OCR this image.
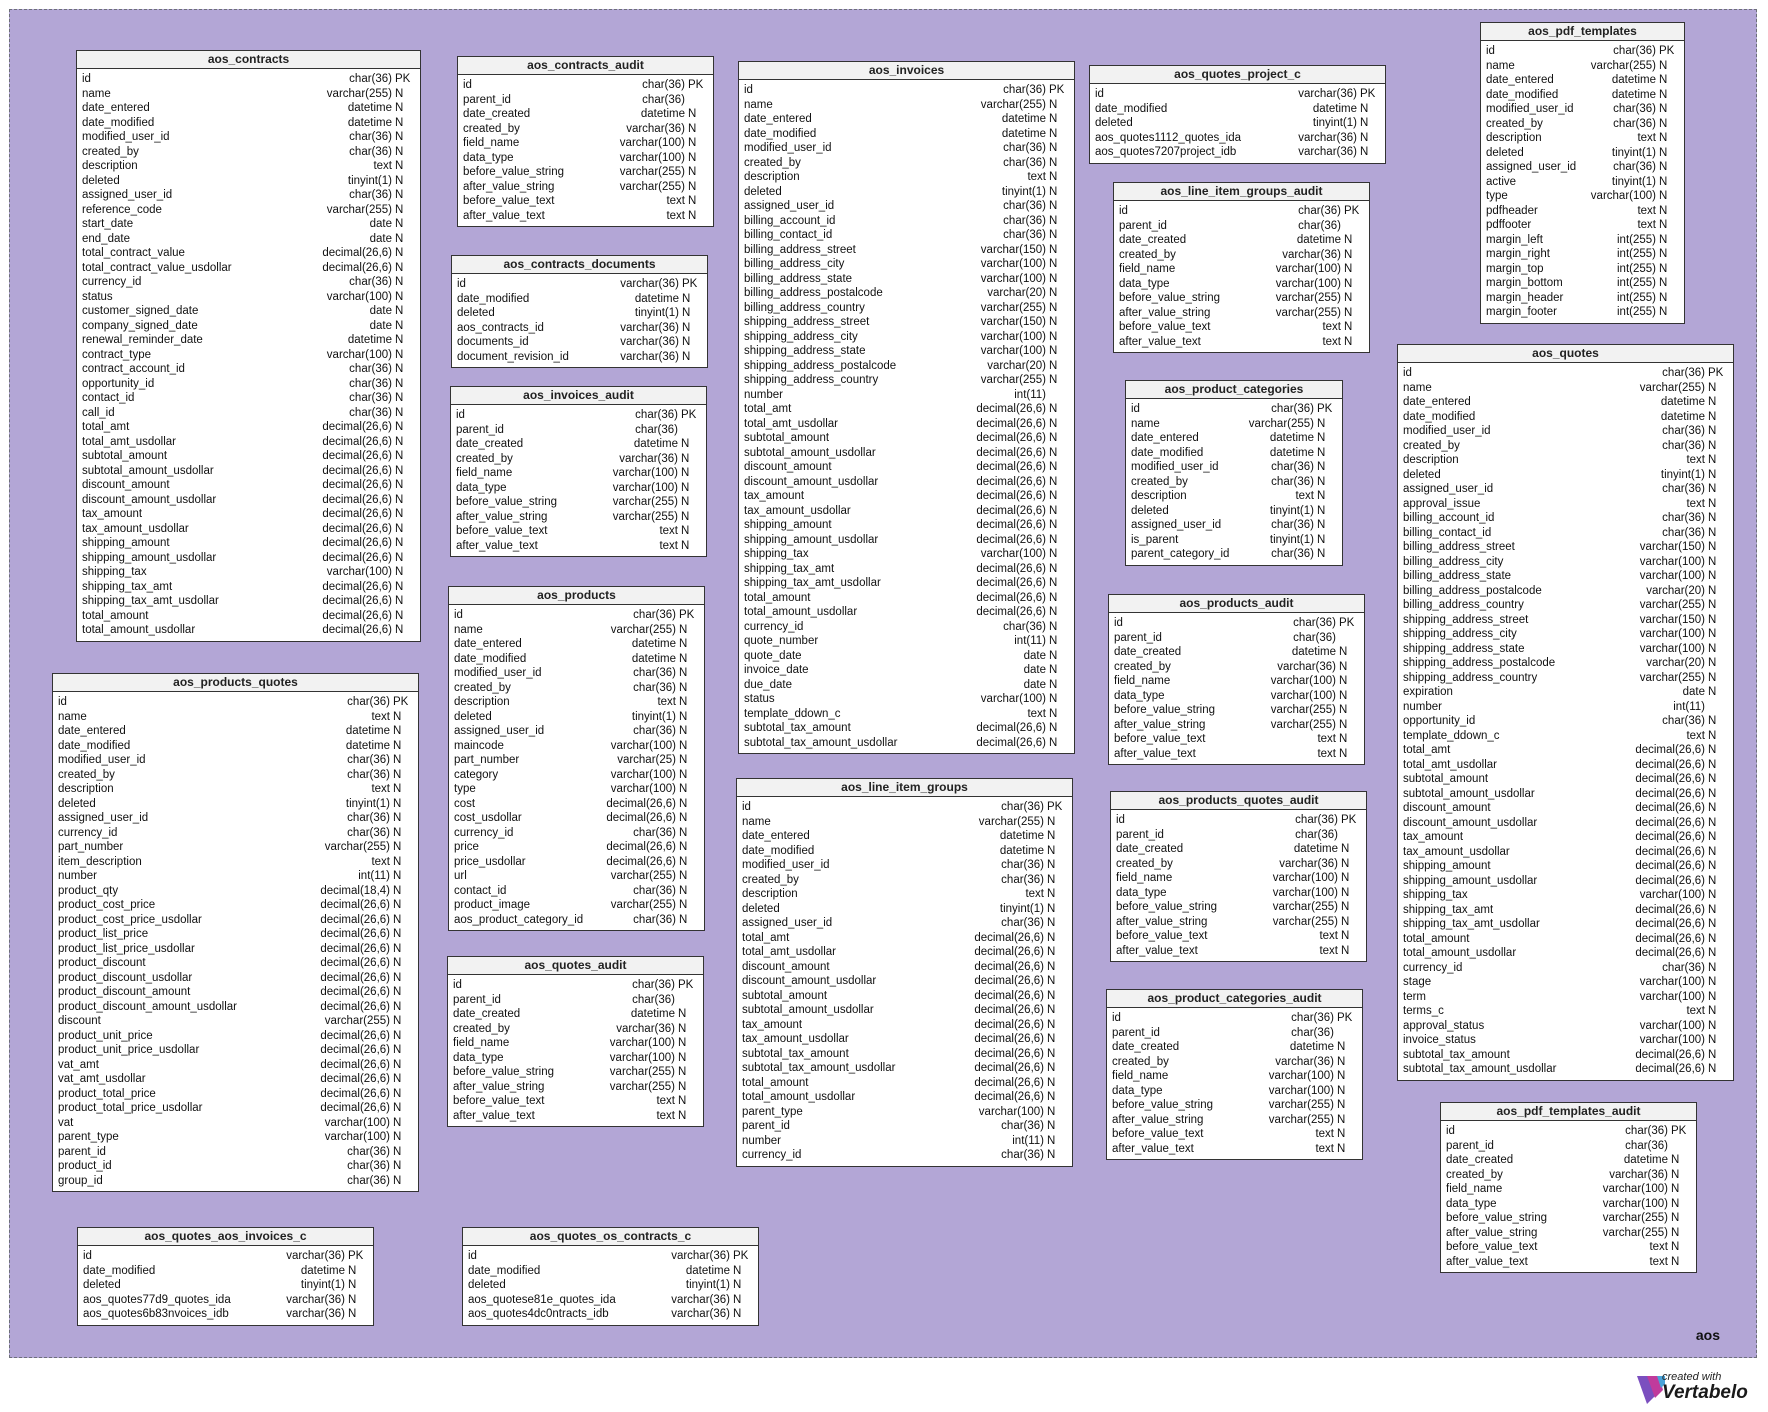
aos
aos_contracts
id	char(36) PK
name	varchar(255) N
date_entered	datetime N
date_modified	datetime N
modified_user_id	char(36) N
created_by	char(36) N
description	text N
deleted	tinyint(1) N
assigned_user_id	char(36) N
reference_code	varchar(255) N
start_date	date N
end_date	date N
total_contract_value	decimal(26,6) N
total_contract_value_usdollar	decimal(26,6) N
currency_id	char(36) N
status	varchar(100) N
customer_signed_date	date N
company_signed_date	date N
renewal_reminder_date	datetime N
contract_type	varchar(100) N
contract_account_id	char(36) N
opportunity_id	char(36) N
contact_id	char(36) N
call_id	char(36) N
total_amt	decimal(26,6) N
total_amt_usdollar	decimal(26,6) N
subtotal_amount	decimal(26,6) N
subtotal_amount_usdollar	decimal(26,6) N
discount_amount	decimal(26,6) N
discount_amount_usdollar	decimal(26,6) N
tax_amount	decimal(26,6) N
tax_amount_usdollar	decimal(26,6) N
shipping_amount	decimal(26,6) N
shipping_amount_usdollar	decimal(26,6) N
shipping_tax	varchar(100) N
shipping_tax_amt	decimal(26,6) N
shipping_tax_amt_usdollar	decimal(26,6) N
total_amount	decimal(26,6) N
total_amount_usdollar	decimal(26,6) N
aos_products_quotes
id	char(36) PK
name	text N
date_entered	datetime N
date_modified	datetime N
modified_user_id	char(36) N
created_by	char(36) N
description	text N
deleted	tinyint(1) N
assigned_user_id	char(36) N
currency_id	char(36) N
part_number	varchar(255) N
item_description	text N
number	int(11) N
product_qty	decimal(18,4) N
product_cost_price	decimal(26,6) N
product_cost_price_usdollar	decimal(26,6) N
product_list_price	decimal(26,6) N
product_list_price_usdollar	decimal(26,6) N
product_discount	decimal(26,6) N
product_discount_usdollar	decimal(26,6) N
product_discount_amount	decimal(26,6) N
product_discount_amount_usdollar	decimal(26,6) N
discount	varchar(255) N
product_unit_price	decimal(26,6) N
product_unit_price_usdollar	decimal(26,6) N
vat_amt	decimal(26,6) N
vat_amt_usdollar	decimal(26,6) N
product_total_price	decimal(26,6) N
product_total_price_usdollar	decimal(26,6) N
vat	varchar(100) N
parent_type	varchar(100) N
parent_id	char(36) N
product_id	char(36) N
group_id	char(36) N
aos_quotes_aos_invoices_c
id	varchar(36) PK
date_modified	datetime N
deleted	tinyint(1) N
aos_quotes77d9_quotes_ida	varchar(36) N
aos_quotes6b83nvoices_idb	varchar(36) N
aos_contracts_audit
id	char(36) PK
parent_id	char(36)
date_created	datetime N
created_by	varchar(36) N
field_name	varchar(100) N
data_type	varchar(100) N
before_value_string	varchar(255) N
after_value_string	varchar(255) N
before_value_text	text N
after_value_text	text N
aos_contracts_documents
id	varchar(36) PK
date_modified	datetime N
deleted	tinyint(1) N
aos_contracts_id	varchar(36) N
documents_id	varchar(36) N
document_revision_id	varchar(36) N
aos_invoices_audit
id	char(36) PK
parent_id	char(36)
date_created	datetime N
created_by	varchar(36) N
field_name	varchar(100) N
data_type	varchar(100) N
before_value_string	varchar(255) N
after_value_string	varchar(255) N
before_value_text	text N
after_value_text	text N
aos_products
id	char(36) PK
name	varchar(255) N
date_entered	datetime N
date_modified	datetime N
modified_user_id	char(36) N
created_by	char(36) N
description	text N
deleted	tinyint(1) N
assigned_user_id	char(36) N
maincode	varchar(100) N
part_number	varchar(25) N
category	varchar(100) N
type	varchar(100) N
cost	decimal(26,6) N
cost_usdollar	decimal(26,6) N
currency_id	char(36) N
price	decimal(26,6) N
price_usdollar	decimal(26,6) N
url	varchar(255) N
contact_id	char(36) N
product_image	varchar(255) N
aos_product_category_id	char(36) N
aos_quotes_audit
id	char(36) PK
parent_id	char(36)
date_created	datetime N
created_by	varchar(36) N
field_name	varchar(100) N
data_type	varchar(100) N
before_value_string	varchar(255) N
after_value_string	varchar(255) N
before_value_text	text N
after_value_text	text N
aos_quotes_os_contracts_c
id	varchar(36) PK
date_modified	datetime N
deleted	tinyint(1) N
aos_quotese81e_quotes_ida	varchar(36) N
aos_quotes4dc0ntracts_idb	varchar(36) N
aos_invoices
id	char(36) PK
name	varchar(255) N
date_entered	datetime N
date_modified	datetime N
modified_user_id	char(36) N
created_by	char(36) N
description	text N
deleted	tinyint(1) N
assigned_user_id	char(36) N
billing_account_id	char(36) N
billing_contact_id	char(36) N
billing_address_street	varchar(150) N
billing_address_city	varchar(100) N
billing_address_state	varchar(100) N
billing_address_postalcode	varchar(20) N
billing_address_country	varchar(255) N
shipping_address_street	varchar(150) N
shipping_address_city	varchar(100) N
shipping_address_state	varchar(100) N
shipping_address_postalcode	varchar(20) N
shipping_address_country	varchar(255) N
number	int(11)
total_amt	decimal(26,6) N
total_amt_usdollar	decimal(26,6) N
subtotal_amount	decimal(26,6) N
subtotal_amount_usdollar	decimal(26,6) N
discount_amount	decimal(26,6) N
discount_amount_usdollar	decimal(26,6) N
tax_amount	decimal(26,6) N
tax_amount_usdollar	decimal(26,6) N
shipping_amount	decimal(26,6) N
shipping_amount_usdollar	decimal(26,6) N
shipping_tax	varchar(100) N
shipping_tax_amt	decimal(26,6) N
shipping_tax_amt_usdollar	decimal(26,6) N
total_amount	decimal(26,6) N
total_amount_usdollar	decimal(26,6) N
currency_id	char(36) N
quote_number	int(11) N
quote_date	date N
invoice_date	date N
due_date	date N
status	varchar(100) N
template_ddown_c	text N
subtotal_tax_amount	decimal(26,6) N
subtotal_tax_amount_usdollar	decimal(26,6) N
aos_line_item_groups
id	char(36) PK
name	varchar(255) N
date_entered	datetime N
date_modified	datetime N
modified_user_id	char(36) N
created_by	char(36) N
description	text N
deleted	tinyint(1) N
assigned_user_id	char(36) N
total_amt	decimal(26,6) N
total_amt_usdollar	decimal(26,6) N
discount_amount	decimal(26,6) N
discount_amount_usdollar	decimal(26,6) N
subtotal_amount	decimal(26,6) N
subtotal_amount_usdollar	decimal(26,6) N
tax_amount	decimal(26,6) N
tax_amount_usdollar	decimal(26,6) N
subtotal_tax_amount	decimal(26,6) N
subtotal_tax_amount_usdollar	decimal(26,6) N
total_amount	decimal(26,6) N
total_amount_usdollar	decimal(26,6) N
parent_type	varchar(100) N
parent_id	char(36) N
number	int(11) N
currency_id	char(36) N
aos_quotes_project_c
id	varchar(36) PK
date_modified	datetime N
deleted	tinyint(1) N
aos_quotes1112_quotes_ida	varchar(36) N
aos_quotes7207project_idb	varchar(36) N
aos_line_item_groups_audit
id	char(36) PK
parent_id	char(36)
date_created	datetime N
created_by	varchar(36) N
field_name	varchar(100) N
data_type	varchar(100) N
before_value_string	varchar(255) N
after_value_string	varchar(255) N
before_value_text	text N
after_value_text	text N
aos_product_categories
id	char(36) PK
name	varchar(255) N
date_entered	datetime N
date_modified	datetime N
modified_user_id	char(36) N
created_by	char(36) N
description	text N
deleted	tinyint(1) N
assigned_user_id	char(36) N
is_parent	tinyint(1) N
parent_category_id	char(36) N
aos_products_audit
id	char(36) PK
parent_id	char(36)
date_created	datetime N
created_by	varchar(36) N
field_name	varchar(100) N
data_type	varchar(100) N
before_value_string	varchar(255) N
after_value_string	varchar(255) N
before_value_text	text N
after_value_text	text N
aos_products_quotes_audit
id	char(36) PK
parent_id	char(36)
date_created	datetime N
created_by	varchar(36) N
field_name	varchar(100) N
data_type	varchar(100) N
before_value_string	varchar(255) N
after_value_string	varchar(255) N
before_value_text	text N
after_value_text	text N
aos_product_categories_audit
id	char(36) PK
parent_id	char(36)
date_created	datetime N
created_by	varchar(36) N
field_name	varchar(100) N
data_type	varchar(100) N
before_value_string	varchar(255) N
after_value_string	varchar(255) N
before_value_text	text N
after_value_text	text N
aos_pdf_templates
id	char(36) PK
name	varchar(255) N
date_entered	datetime N
date_modified	datetime N
modified_user_id	char(36) N
created_by	char(36) N
description	text N
deleted	tinyint(1) N
assigned_user_id	char(36) N
active	tinyint(1) N
type	varchar(100) N
pdfheader	text N
pdffooter	text N
margin_left	int(255) N
margin_right	int(255) N
margin_top	int(255) N
margin_bottom	int(255) N
margin_header	int(255) N
margin_footer	int(255) N
aos_quotes
id	char(36) PK
name	varchar(255) N
date_entered	datetime N
date_modified	datetime N
modified_user_id	char(36) N
created_by	char(36) N
description	text N
deleted	tinyint(1) N
assigned_user_id	char(36) N
approval_issue	text N
billing_account_id	char(36) N
billing_contact_id	char(36) N
billing_address_street	varchar(150) N
billing_address_city	varchar(100) N
billing_address_state	varchar(100) N
billing_address_postalcode	varchar(20) N
billing_address_country	varchar(255) N
shipping_address_street	varchar(150) N
shipping_address_city	varchar(100) N
shipping_address_state	varchar(100) N
shipping_address_postalcode	varchar(20) N
shipping_address_country	varchar(255) N
expiration	date N
number	int(11)
opportunity_id	char(36) N
template_ddown_c	text N
total_amt	decimal(26,6) N
total_amt_usdollar	decimal(26,6) N
subtotal_amount	decimal(26,6) N
subtotal_amount_usdollar	decimal(26,6) N
discount_amount	decimal(26,6) N
discount_amount_usdollar	decimal(26,6) N
tax_amount	decimal(26,6) N
tax_amount_usdollar	decimal(26,6) N
shipping_amount	decimal(26,6) N
shipping_amount_usdollar	decimal(26,6) N
shipping_tax	varchar(100) N
shipping_tax_amt	decimal(26,6) N
shipping_tax_amt_usdollar	decimal(26,6) N
total_amount	decimal(26,6) N
total_amount_usdollar	decimal(26,6) N
currency_id	char(36) N
stage	varchar(100) N
term	varchar(100) N
terms_c	text N
approval_status	varchar(100) N
invoice_status	varchar(100) N
subtotal_tax_amount	decimal(26,6) N
subtotal_tax_amount_usdollar	decimal(26,6) N
aos_pdf_templates_audit
id	char(36) PK
parent_id	char(36)
date_created	datetime N
created_by	varchar(36) N
field_name	varchar(100) N
data_type	varchar(100) N
before_value_string	varchar(255) N
after_value_string	varchar(255) N
before_value_text	text N
after_value_text	text N
created with
Vertabelo
